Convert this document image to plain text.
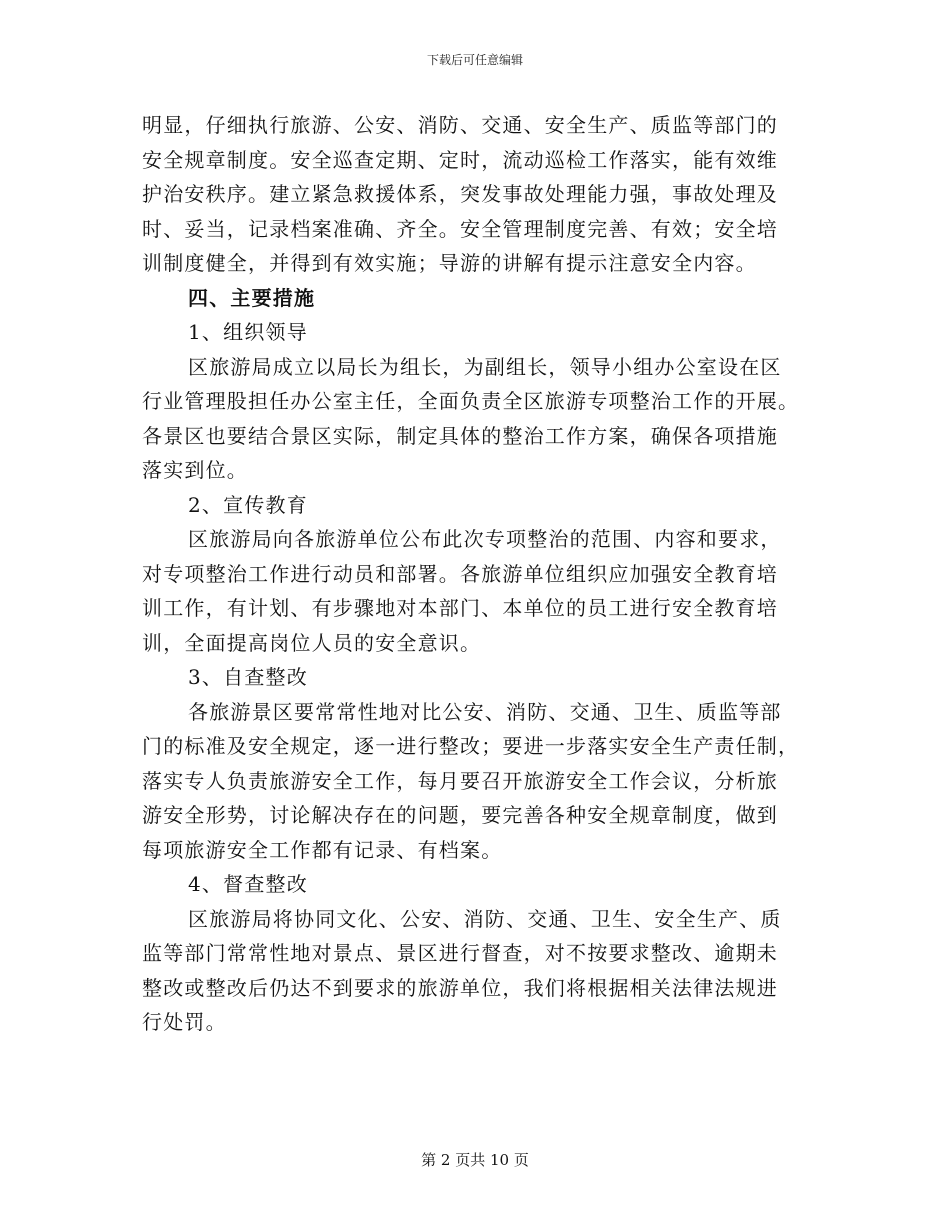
下载后可任意编辑
明显，仔细执行旅游、公安、消防、交通、安全生产、质监等部门的
安全规章制度。安全巡查定期、定时，流动巡检工作落实，能有效维
护治安秩序。建立紧急救援体系，突发事故处理能力强，事故处理及
时、妥当，记录档案准确、齐全。安全管理制度完善、有效；安全培
训制度健全，并得到有效实施；导游的讲解有提示注意安全内容。
四、主要措施
1、组织领导
区旅游局成立以局长为组长，为副组长，领导小组办公室设在区
行业管理股担任办公室主任，全面负责全区旅游专项整治工作的开展。
各景区也要结合景区实际，制定具体的整治工作方案，确保各项措施
落实到位。
2、宣传教育
区旅游局向各旅游单位公布此次专项整治的范围、内容和要求，
对专项整治工作进行动员和部署。各旅游单位组织应加强安全教育培
训工作，有计划、有步骤地对本部门、本单位的员工进行安全教育培
训，全面提高岗位人员的安全意识。
3、自查整改
各旅游景区要常常性地对比公安、消防、交通、卫生、质监等部
门的标准及安全规定，逐一进行整改；要进一步落实安全生产责任制，
落实专人负责旅游安全工作，每月要召开旅游安全工作会议，分析旅
游安全形势，讨论解决存在的问题，要完善各种安全规章制度，做到
每项旅游安全工作都有记录、有档案。
4、督查整改
区旅游局将协同文化、公安、消防、交通、卫生、安全生产、质
监等部门常常性地对景点、景区进行督查，对不按要求整改、逾期未
整改或整改后仍达不到要求的旅游单位，我们将根据相关法律法规进
行处罚。
第 2 页共 10 页
